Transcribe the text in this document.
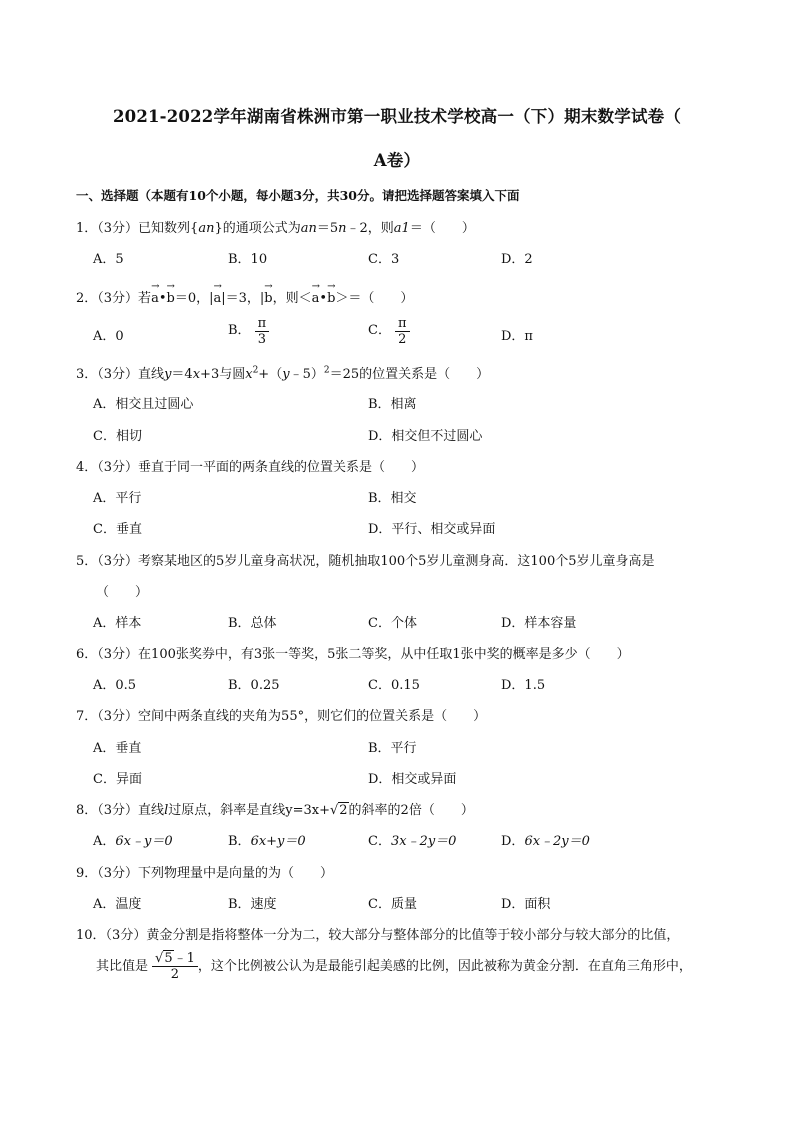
2021-2022学年湖南省株洲市第一职业技术学校高一（下）期末数学试卷（
A卷）
一、选择题（本题有10个小题，每小题3分，共30分。请把选择题答案填入下面
1．（3分）已知数列{an}的通项公式为an＝5n﹣2，则a1＝（　　）
A．5	B．10	C．3	D．2
2．（3分）若→ a•→ b＝0，|→ a|＝3，|→ b，则＜→ a•→ b＞＝（　　）
A．0	B． $\frac{\pi}{3}$	C． $\frac{\pi}{2}$	D．π
3．（3分）直线y＝4x+3与圆$x^2+(y﹣5)^2=25$的位置关系是（　　）
A．相交且过圆心	B．相离
C．相切	D．相交但不过圆心
4．（3分）垂直于同一平面的两条直线的位置关系是（　　）
A．平行	B．相交
C．垂直	D．平行、相交或异面
5．（3分）考察某地区的5岁儿童身高状况，随机抽取100个5岁儿童测身高．这100个5岁儿童身高是
（　　）
A．样本	B．总体	C．个体	D．样本容量
6．（3分）在100张奖券中，有3张一等奖，5张二等奖，从中任取1张中奖的概率是多少（　　）
A．0.5	B．0.25	C．0.15	D．1.5
7．（3分）空间中两条直线的夹角为55°，则它们的位置关系是（　　）
A．垂直	B．平行
C．异面	D．相交或异面
8．（3分）直线l过原点，斜率是直线y=3x+√2的斜率的2倍（　　）
A．6x﹣y＝0	B．6x+y＝0	C．3x﹣2y＝0	D．6x﹣2y＝0
9．（3分）下列物理量中是向量的为（　　）
A．温度	B．速度	C．质量	D．面积
10．（3分）黄金分割是指将整体一分为二，较大部分与整体部分的比值等于较小部分与较大部分的比值，
其比值是 $\frac{√5﹣1}{2}$ ，这个比例被公认为是最能引起美感的比例，因此被称为黄金分割．在直角三角形中，
